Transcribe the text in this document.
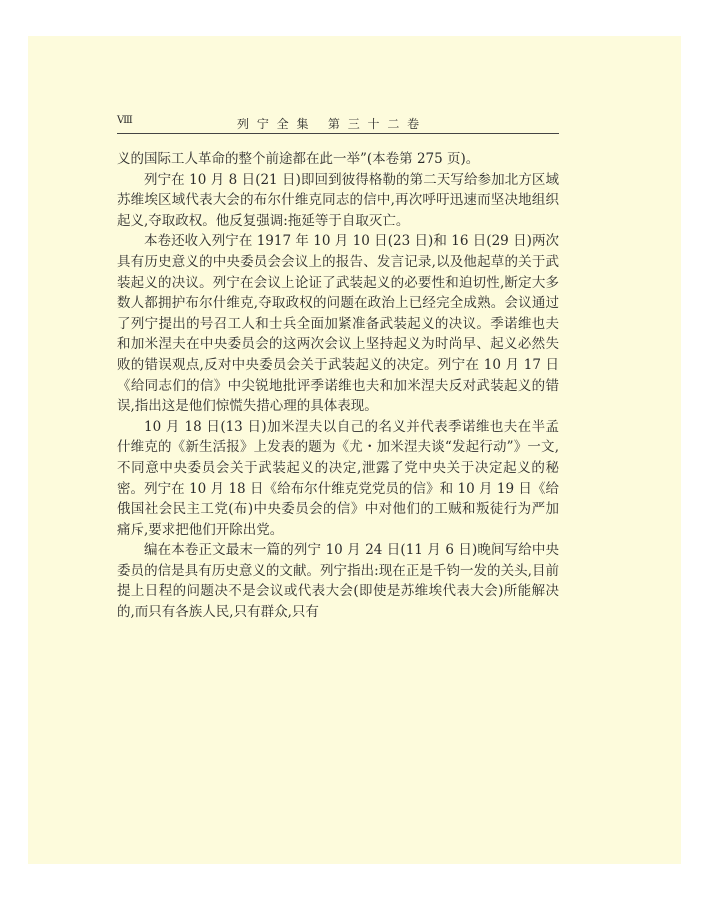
Ⅷ	列 宁 全 集   第 三 十 二 卷

义的国际工人革命的整个前途都在此一举”(本卷第 275 页)。

列宁在 10 月 8 日(21 日)即回到彼得格勒的第二天写给参加北方区域苏维埃区域代表大会的布尔什维克同志的信中,再次呼吁迅速而坚决地组织起义,夺取政权。他反复强调:拖延等于自取灭亡。

本卷还收入列宁在 1917 年 10 月 10 日(23 日)和 16 日(29 日)两次具有历史意义的中央委员会会议上的报告、发言记录,以及他起草的关于武装起义的决议。列宁在会议上论证了武装起义的必要性和迫切性,断定大多数人都拥护布尔什维克,夺取政权的问题在政治上已经完全成熟。会议通过了列宁提出的号召工人和士兵全面加紧准备武装起义的决议。季诺维也夫和加米涅夫在中央委员会的这两次会议上坚持起义为时尚早、起义必然失败的错误观点,反对中央委员会关于武装起义的决定。列宁在 10 月 17 日《给同志们的信》中尖锐地批评季诺维也夫和加米涅夫反对武装起义的错误,指出这是他们惊慌失措心理的具体表现。

10 月 18 日(13 日)加米涅夫以自己的名义并代表季诺维也夫在半孟什维克的《新生活报》上发表的题为《尤・加米涅夫谈“发起行动”》一文,不同意中央委员会关于武装起义的决定,泄露了党中央关于决定起义的秘密。列宁在 10 月 18 日《给布尔什维克党党员的信》和 10 月 19 日《给俄国社会民主工党(布)中央委员会的信》中对他们的工贼和叛徒行为严加痛斥,要求把他们开除出党。

编在本卷正文最末一篇的列宁 10 月 24 日(11 月 6 日)晚间写给中央委员的信是具有历史意义的文献。列宁指出:现在正是千钧一发的关头,目前提上日程的问题决不是会议或代表大会(即使是苏维埃代表大会)所能解决的,而只有各族人民,只有群众,只有
